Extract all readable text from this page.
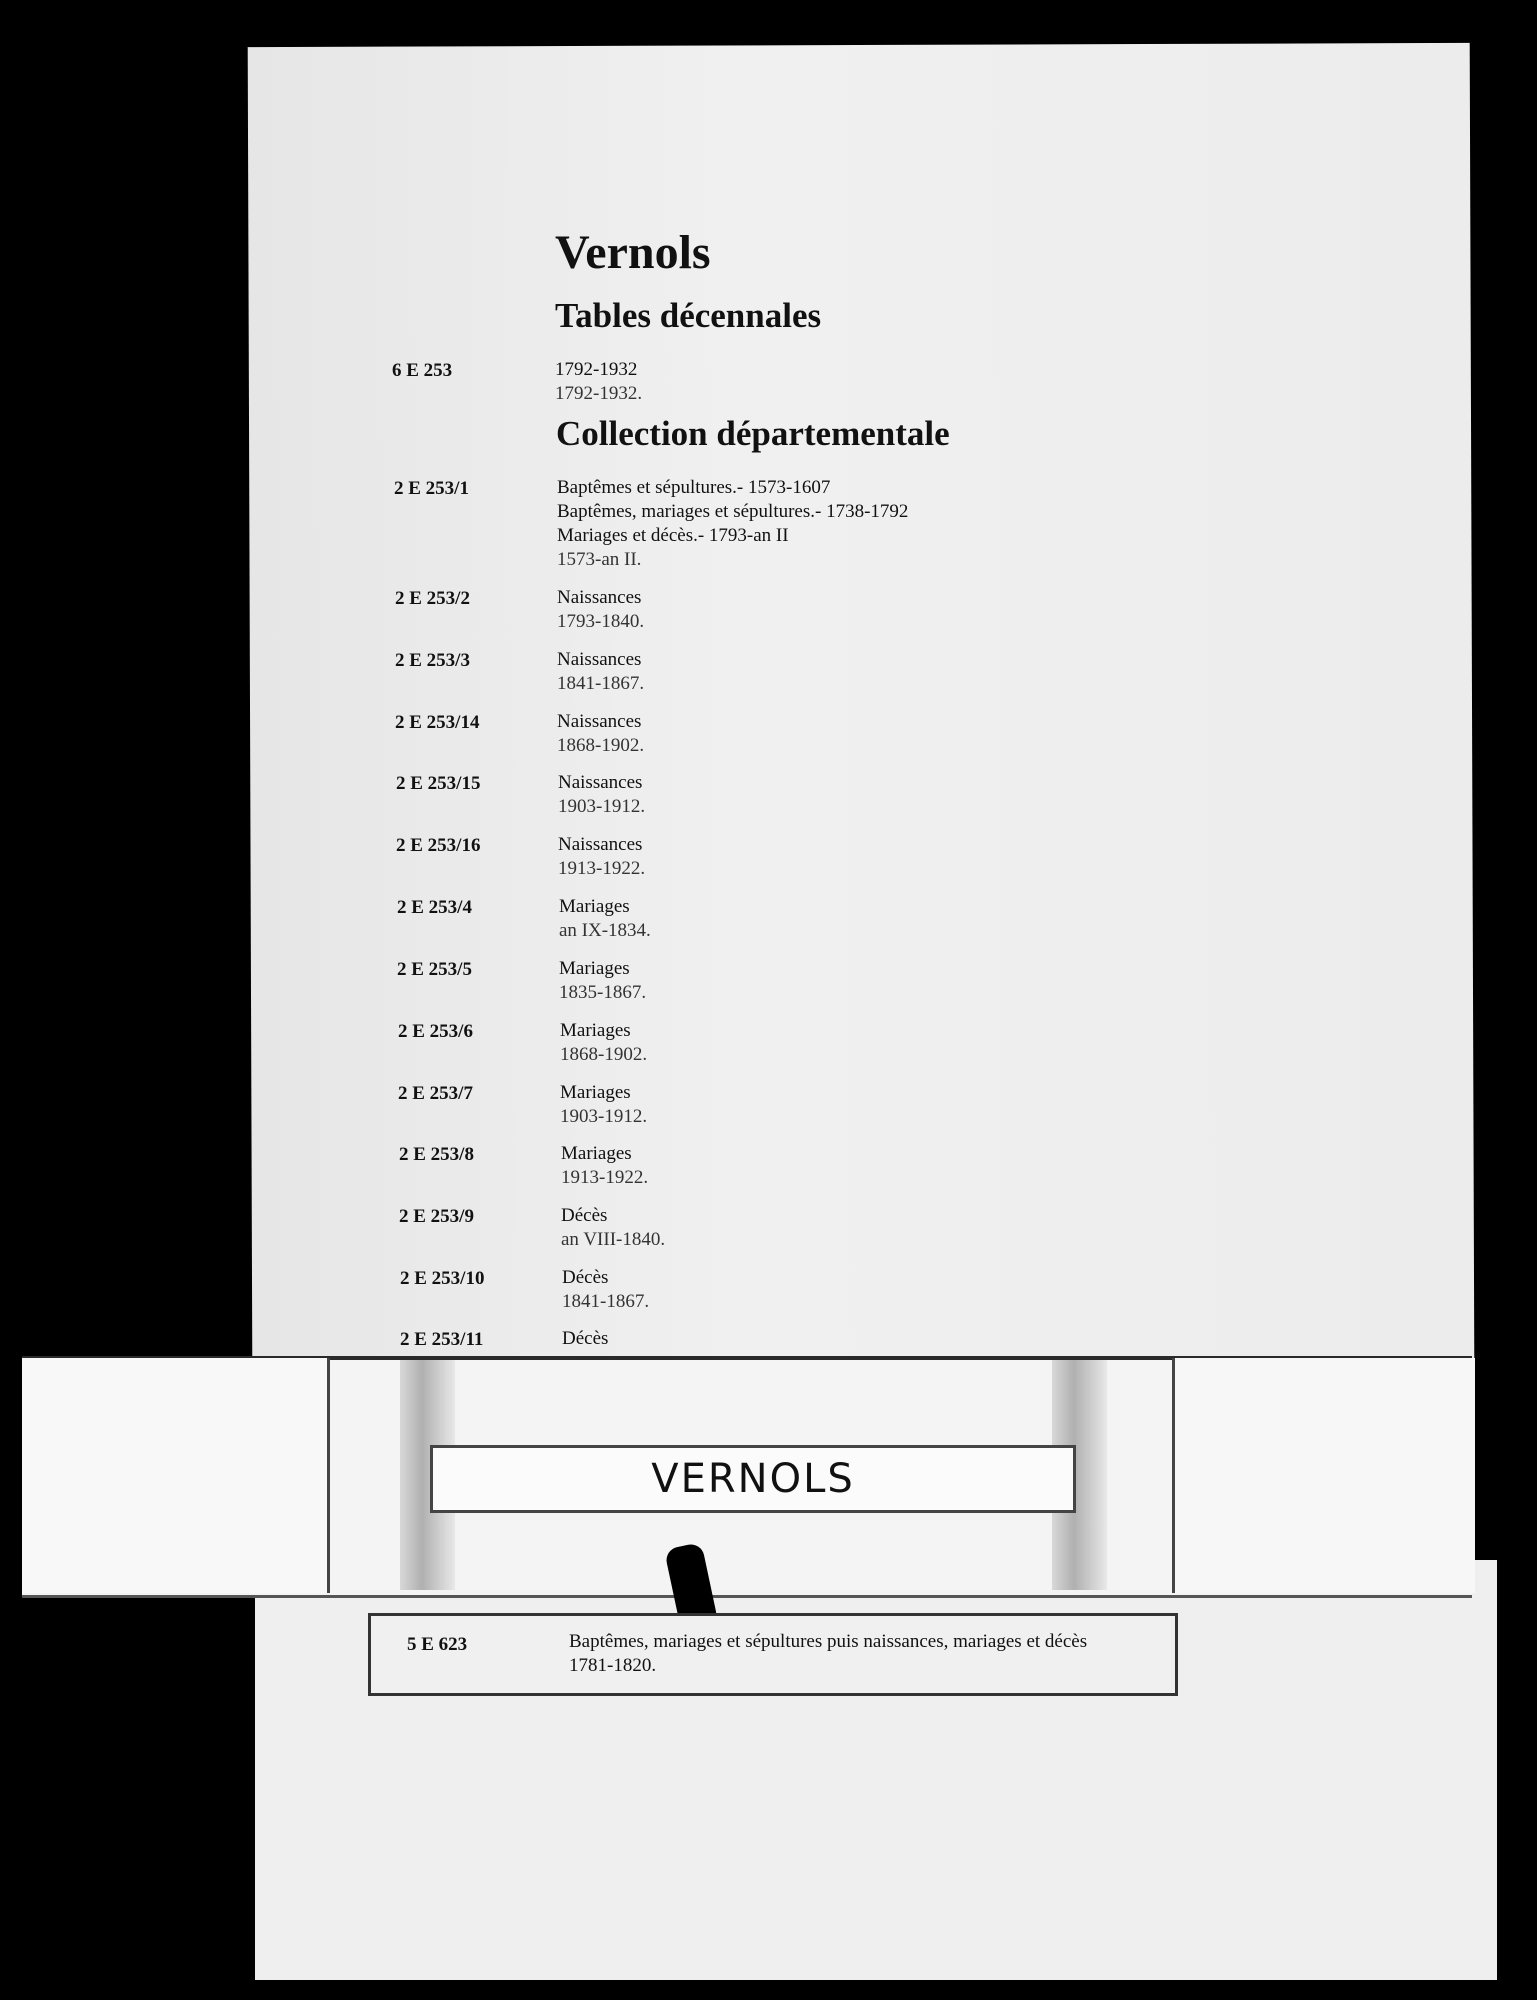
Vernols
Tables décennales
6 E 253	1792-1932
1792-1932.
Collection départementale
2 E 253/1	Baptêmes et sépultures.- 1573-1607
Baptêmes, mariages et sépultures.- 1738-1792
Mariages et décès.- 1793-an II
1573-an II.
2 E 253/2	Naissances
1793-1840.
2 E 253/3	Naissances
1841-1867.
2 E 253/14	Naissances
1868-1902.
2 E 253/15	Naissances
1903-1912.
2 E 253/16	Naissances
1913-1922.
2 E 253/4	Mariages
an IX-1834.
2 E 253/5	Mariages
1835-1867.
2 E 253/6	Mariages
1868-1902.
2 E 253/7	Mariages
1903-1912.
2 E 253/8	Mariages
1913-1922.
2 E 253/9	Décès
an VIII-1840.
2 E 253/10	Décès
1841-1867.
2 E 253/11	Décès
VERNOLS
5 E 623	Baptêmes, mariages et sépultures puis naissances, mariages et décès
1781-1820.
